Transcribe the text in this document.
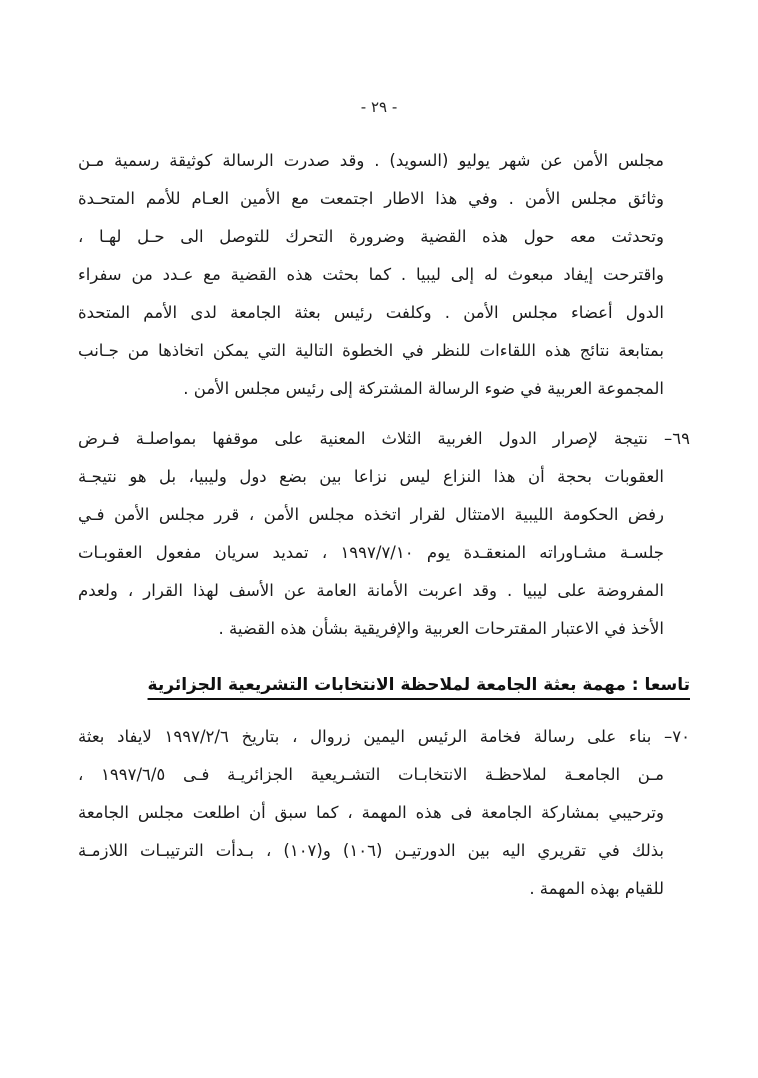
- ٢٩ -
مجلس الأمن عن شهر يوليو (السويد) . وقد صدرت الرسالة كوثيقة رسمية مـن
وثائق مجلس الأمن . وفي هذا الاطار اجتمعت مع الأمين العـام للأمم المتحـدة
وتحدثت معه حول هذه القضية وضرورة التحرك للتوصل الى حـل لهـا ،
واقترحت إيفاد مبعوث له إلى ليبيا . كما بحثت هذه القضية مع عـدد من سفراء
الدول أعضاء مجلس الأمن . وكلفت رئيس بعثة الجامعة لدى الأمم المتحدة
بمتابعة نتائج هذه اللقاءات للنظر في الخطوة التالية التي يمكن اتخاذها من جـانب
المجموعة العربية في ضوء الرسالة المشتركة إلى رئيس مجلس الأمن .
٦٩– نتيجة لإصرار الدول الغربية الثلاث المعنية على موقفها بمواصلـة فـرض
العقوبات بحجة أن هذا النزاع ليس نزاعا بين بضع دول وليبيا، بل هو نتيجـة
رفض الحكومة الليبية الامتثال لقرار اتخذه مجلس الأمن ، قرر مجلس الأمن فـي
جلسـة مشـاوراته المنعقـدة يوم ١٩٩٧/٧/١٠ ، تمديد سريان مفعول العقوبـات
المفروضة على ليبيا . وقد اعربت الأمانة العامة عن الأسف لهذا القرار ، ولعدم
الأخذ في الاعتبار المقترحات العربية والإفريقية بشأن هذه القضية .
تاسعا : مهمة بعثة الجامعة لملاحظة الانتخابات التشريعية الجزائرية
٧٠– بناء على رسالة فخامة الرئيس اليمين زروال ، بتاريخ ١٩٩٧/٢/٦ لايفاد بعثة
مـن الجامعـة لملاحظـة الانتخابـات التشـريعية الجزائريـة فـى ١٩٩٧/٦/٥ ،
وترحيبي بمشاركة الجامعة فى هذه المهمة ، كما سبق أن اطلعت مجلس الجامعة
بذلك في تقريري اليه بين الدورتيـن (١٠٦) و(١٠٧) ، بـدأت الترتيبـات اللازمـة
للقيام بهذه المهمة .
